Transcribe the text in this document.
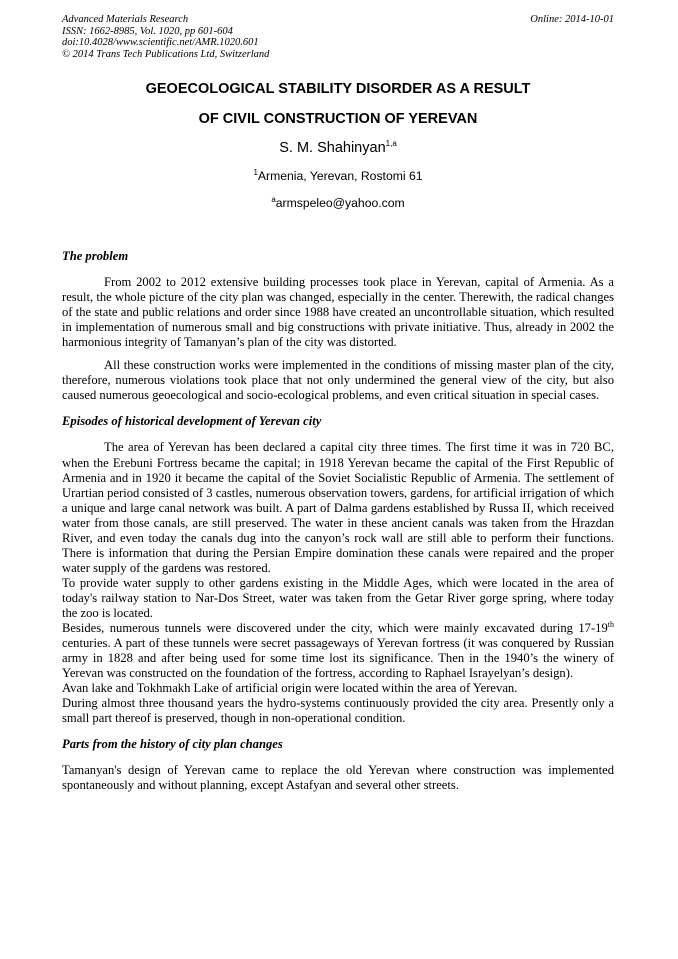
Advanced Materials Research
ISSN: 1662-8985, Vol. 1020, pp 601-604
doi:10.4028/www.scientific.net/AMR.1020.601
© 2014 Trans Tech Publications Ltd, Switzerland
Online: 2014-10-01
GEOECOLOGICAL STABILITY DISORDER AS A RESULT
OF CIVIL CONSTRUCTION OF YEREVAN
S. M. Shahinyan$^{1,a}$
$^1$Armenia, Yerevan, Rostomi 61
$^a$armspeleo@yahoo.com

The problem

From 2002 to 2012 extensive building processes took place in Yerevan, capital of Armenia. As a result, the whole picture of the city plan was changed, especially in the center. Therewith, the radical changes of the state and public relations and order since 1988 have created an uncontrollable situation, which resulted in implementation of numerous small and big constructions with private initiative. Thus, already in 2002 the harmonious integrity of Tamanyan’s plan of the city was distorted.

All these construction works were implemented in the conditions of missing master plan of the city, therefore, numerous violations took place that not only undermined the general view of the city, but also caused numerous geoecological and socio-ecological problems, and even critical situation in special cases.

Episodes of historical development of Yerevan city

The area of Yerevan has been declared a capital city three times. The first time it was in 720 BC, when the Erebuni Fortress became the capital; in 1918 Yerevan became the capital of the First Republic of Armenia and in 1920 it became the capital of the Soviet Socialistic Republic of Armenia. The settlement of Urartian period consisted of 3 castles, numerous observation towers, gardens, for artificial irrigation of which a unique and large canal network was built. A part of Dalma gardens established by Russa II, which received water from those canals, are still preserved. The water in these ancient canals was taken from the Hrazdan River, and even today the canals dug into the canyon’s rock wall are still able to perform their functions. There is information that during the Persian Empire domination these canals were repaired and the proper water supply of the gardens was restored.

To provide water supply to other gardens existing in the Middle Ages, which were located in the area of today's railway station to Nar-Dos Street, water was taken from the Getar River gorge spring, where today the zoo is located.

Besides, numerous tunnels were discovered under the city, which were mainly excavated during 17-19th centuries. A part of these tunnels were secret passageways of Yerevan fortress (it was conquered by Russian army in 1828 and after being used for some time lost its significance. Then in the 1940’s the winery of Yerevan was constructed on the foundation of the fortress, according to Raphael Israyelyan’s design).

Avan lake and Tokhmakh Lake of artificial origin were located within the area of Yerevan.

During almost three thousand years the hydro-systems continuously provided the city area. Presently only a small part thereof is preserved, though in non-operational condition.

Parts from the history of city plan changes

Tamanyan's design of Yerevan came to replace the old Yerevan where construction was implemented spontaneously and without planning, except Astafyan and several other streets.
